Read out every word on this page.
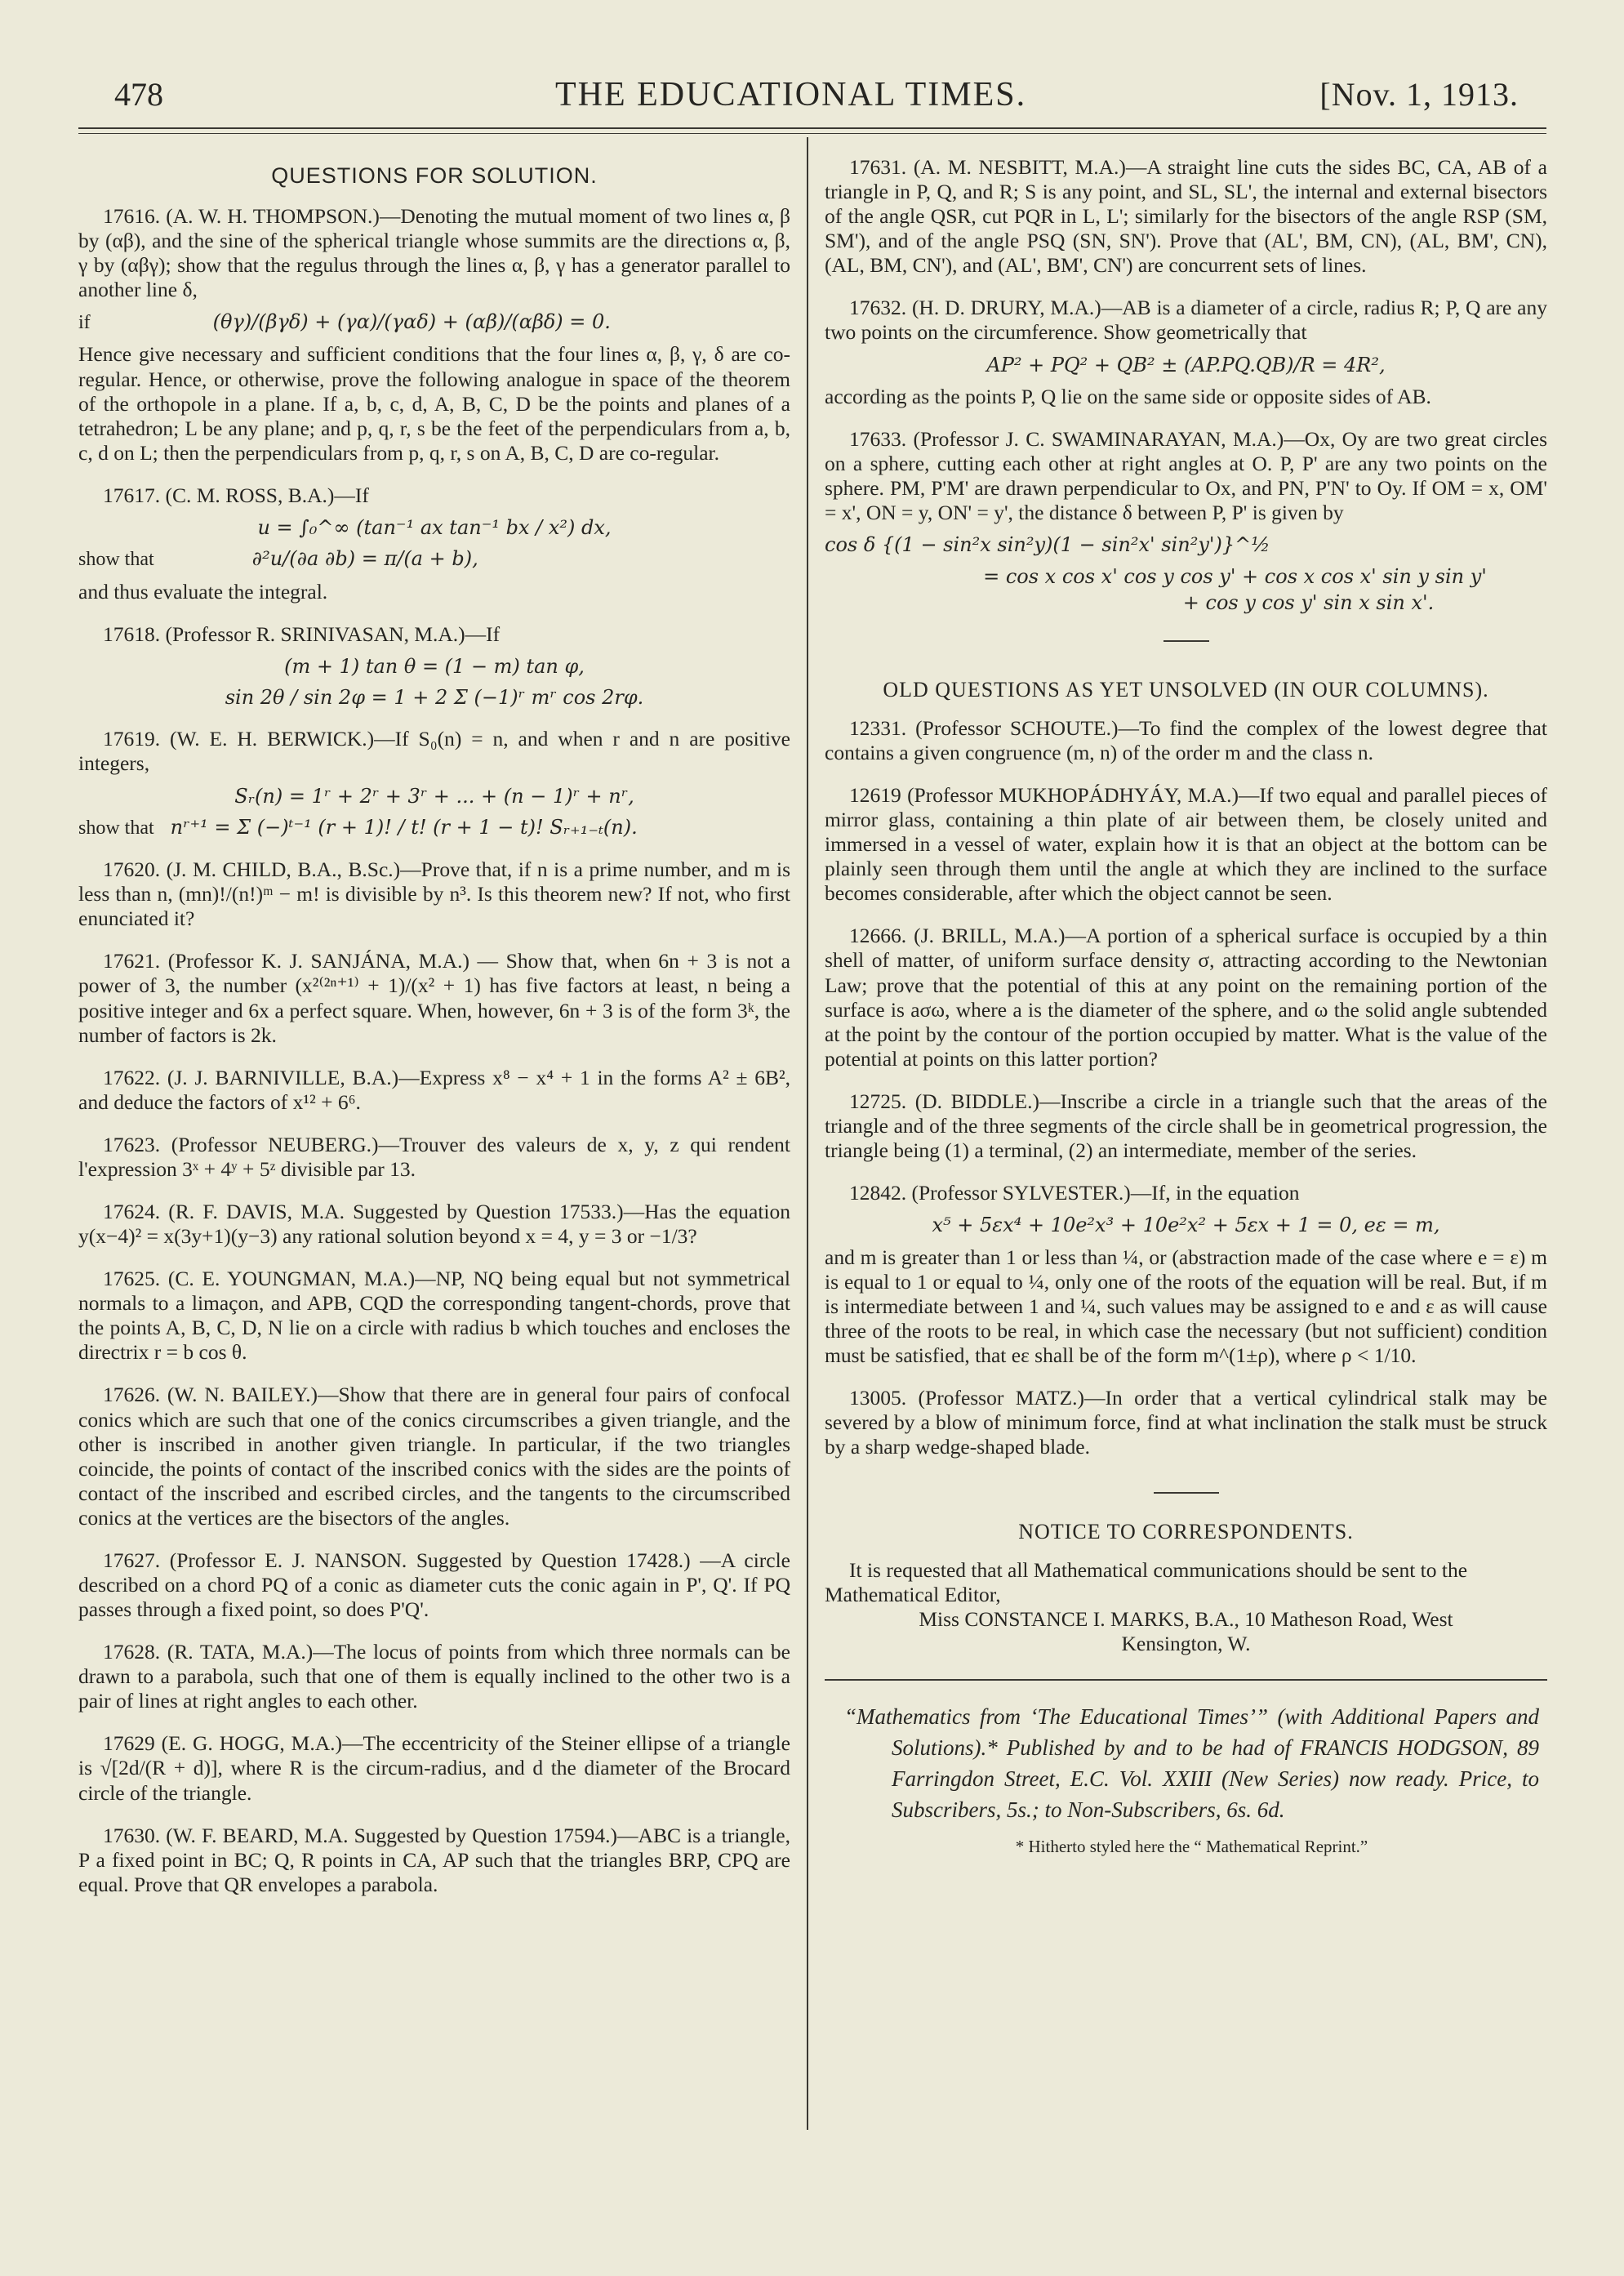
478	THE EDUCATIONAL TIMES.	[Nov. 1, 1913.
QUESTIONS FOR SOLUTION.

17616. (A. W. H. THOMPSON.)—Denoting the mutual moment of two lines α, β by (αβ), and the sine of the spherical triangle whose summits are the directions α, β, γ by (αβγ); show that the regulus through the lines α, β, γ has a generator parallel to another line δ,

if	(θγ)/(βγδ) + (γα)/(γαδ) + (αβ)/(αβδ) = 0.

Hence give necessary and sufficient conditions that the four lines α, β, γ, δ are co-regular. Hence, or otherwise, prove the following analogue in space of the theorem of the orthopole in a plane. If a, b, c, d, A, B, C, D be the points and planes of a tetrahedron; L be any plane; and p, q, r, s be the feet of the perpendiculars from a, b, c, d on L; then the perpendiculars from p, q, r, s on A, B, C, D are co-regular.

17617. (C. M. ROSS, B.A.)—If

u = ∫₀^∞ (tan⁻¹ ax tan⁻¹ bx / x²) dx,
show that	∂²u/(∂a ∂b) = π/(a + b),

and thus evaluate the integral.

17618. (Professor R. SRINIVASAN, M.A.)—If

(m + 1) tan θ = (1 − m) tan φ,
sin 2θ / sin 2φ = 1 + 2 Σ (−1)ʳ mʳ cos 2rφ.

17619. (W. E. H. BERWICK.)—If S₀(n) = n, and when r and n are positive integers,

Sᵣ(n) = 1ʳ + 2ʳ + 3ʳ + ... + (n − 1)ʳ + nʳ,
show that nʳ⁺¹ = Σ (−)ᵗ⁻¹ (r + 1)! / t! (r + 1 − t)! Sᵣ₊₁₋ₜ(n).

17620. (J. M. CHILD, B.A., B.Sc.)—Prove that, if n is a prime number, and m is less than n, (mn)!/(n!)ᵐ − m! is divisible by n³. Is this theorem new? If not, who first enunciated it?

17621. (Professor K. J. SANJÁNA, M.A.) — Show that, when 6n + 3 is not a power of 3, the number (x²⁽²ⁿ⁺¹⁾ + 1)/(x² + 1) has five factors at least, n being a positive integer and 6x a perfect square. When, however, 6n + 3 is of the form 3ᵏ, the number of factors is 2k.

17622. (J. J. BARNIVILLE, B.A.)—Express x⁸ − x⁴ + 1 in the forms A² ± 6B², and deduce the factors of x¹² + 6⁶.

17623. (Professor NEUBERG.)—Trouver des valeurs de x, y, z qui rendent l'expression 3ˣ + 4ʸ + 5ᶻ divisible par 13.

17624. (R. F. DAVIS, M.A. Suggested by Question 17533.)—Has the equation y(x−4)² = x(3y+1)(y−3) any rational solution beyond x = 4, y = 3 or −1/3?

17625. (C. E. YOUNGMAN, M.A.)—NP, NQ being equal but not symmetrical normals to a limaçon, and APB, CQD the corresponding tangent-chords, prove that the points A, B, C, D, N lie on a circle with radius b which touches and encloses the directrix r = b cos θ.

17626. (W. N. BAILEY.)—Show that there are in general four pairs of confocal conics which are such that one of the conics circumscribes a given triangle, and the other is inscribed in another given triangle. In particular, if the two triangles coincide, the points of contact of the inscribed conics with the sides are the points of contact of the inscribed and escribed circles, and the tangents to the circumscribed conics at the vertices are the bisectors of the angles.

17627. (Professor E. J. NANSON. Suggested by Question 17428.) —A circle described on a chord PQ of a conic as diameter cuts the conic again in P', Q'. If PQ passes through a fixed point, so does P'Q'.

17628. (R. TATA, M.A.)—The locus of points from which three normals can be drawn to a parabola, such that one of them is equally inclined to the other two is a pair of lines at right angles to each other.

17629 (E. G. HOGG, M.A.)—The eccentricity of the Steiner ellipse of a triangle is √[2d/(R + d)], where R is the circum-radius, and d the diameter of the Brocard circle of the triangle.

17630. (W. F. BEARD, M.A. Suggested by Question 17594.)—ABC is a triangle, P a fixed point in BC; Q, R points in CA, AP such that the triangles BRP, CPQ are equal. Prove that QR envelopes a parabola.

17631. (A. M. NESBITT, M.A.)—A straight line cuts the sides BC, CA, AB of a triangle in P, Q, and R; S is any point, and SL, SL', the internal and external bisectors of the angle QSR, cut PQR in L, L'; similarly for the bisectors of the angle RSP (SM, SM'), and of the angle PSQ (SN, SN'). Prove that (AL', BM, CN), (AL, BM', CN), (AL, BM, CN'), and (AL', BM', CN') are concurrent sets of lines.

17632. (H. D. DRURY, M.A.)—AB is a diameter of a circle, radius R; P, Q are any two points on the circumference. Show geometrically that

AP² + PQ² + QB² ± (AP.PQ.QB)/R = 4R²,

according as the points P, Q lie on the same side or opposite sides of AB.

17633. (Professor J. C. SWAMINARAYAN, M.A.)—Ox, Oy are two great circles on a sphere, cutting each other at right angles at O. P, P' are any two points on the sphere. PM, P'M' are drawn perpendicular to Ox, and PN, P'N' to Oy. If OM = x, OM' = x', ON = y, ON' = y', the distance δ between P, P' is given by

cos δ {(1 − sin²x sin²y)(1 − sin²x' sin²y')}^½
= cos x cos x' cos y cos y' + cos x cos x' sin y sin y'
+ cos y cos y' sin x sin x'.
OLD QUESTIONS AS YET UNSOLVED (IN OUR COLUMNS).

12331. (Professor SCHOUTE.)—To find the complex of the lowest degree that contains a given congruence (m, n) of the order m and the class n.

12619 (Professor MUKHOPÁDHYÁY, M.A.)—If two equal and parallel pieces of mirror glass, containing a thin plate of air between them, be closely united and immersed in a vessel of water, explain how it is that an object at the bottom can be plainly seen through them until the angle at which they are inclined to the surface becomes considerable, after which the object cannot be seen.

12666. (J. BRILL, M.A.)—A portion of a spherical surface is occupied by a thin shell of matter, of uniform surface density σ, attracting according to the Newtonian Law; prove that the potential of this at any point on the remaining portion of the surface is aσω, where a is the diameter of the sphere, and ω the solid angle subtended at the point by the contour of the portion occupied by matter. What is the value of the potential at points on this latter portion?

12725. (D. BIDDLE.)—Inscribe a circle in a triangle such that the areas of the triangle and of the three segments of the circle shall be in geometrical progression, the triangle being (1) a terminal, (2) an intermediate, member of the series.

12842. (Professor SYLVESTER.)—If, in the equation

x⁵ + 5εx⁴ + 10e²x³ + 10e²x² + 5εx + 1 = 0, eε = m,

and m is greater than 1 or less than ¼, or (abstraction made of the case where e = ε) m is equal to 1 or equal to ¼, only one of the roots of the equation will be real. But, if m is intermediate between 1 and ¼, such values may be assigned to e and ε as will cause three of the roots to be real, in which case the necessary (but not sufficient) condition must be satisfied, that eε shall be of the form m^(1±ρ), where ρ < 1/10.

13005. (Professor MATZ.)—In order that a vertical cylindrical stalk may be severed by a blow of minimum force, find at what inclination the stalk must be struck by a sharp wedge-shaped blade.

NOTICE TO CORRESPONDENTS.

It is requested that all Mathematical communications should be sent to the Mathematical Editor,

Miss CONSTANCE I. MARKS, B.A., 10 Matheson Road, West

Kensington, W.

“Mathematics from ‘The Educational Times’” (with Additional Papers and Solutions).* Published by and to be had of FRANCIS HODGSON, 89 Farringdon Street, E.C. Vol. XXIII (New Series) now ready. Price, to Subscribers, 5s.; to Non-Subscribers, 6s. 6d.

* Hitherto styled here the “ Mathematical Reprint.”
